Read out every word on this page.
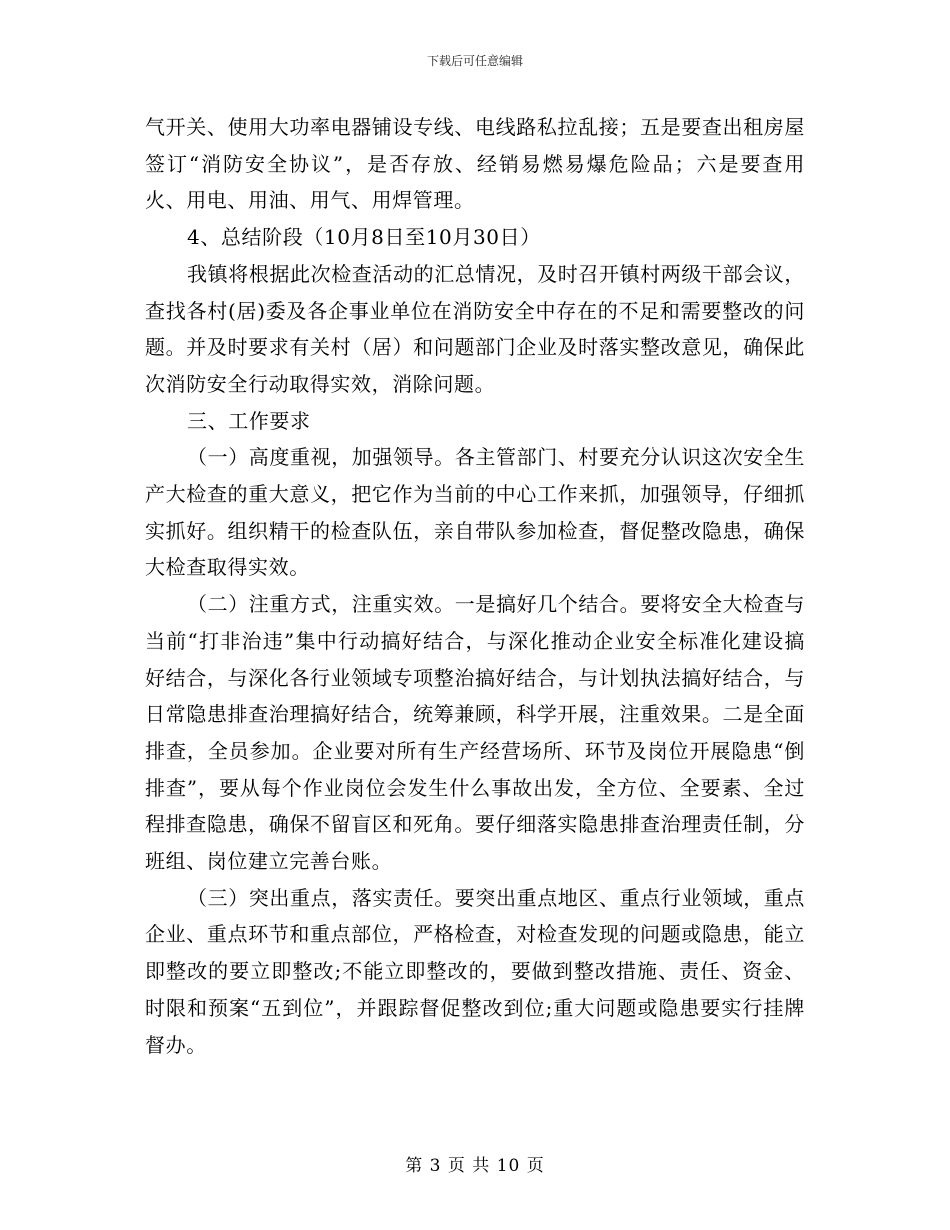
下载后可任意编辑

气开关、使用大功率电器铺设专线、电线路私拉乱接；五是要查出租房屋签订“消防安全协议”，是否存放、经销易燃易爆危险品；六是要查用火、用电、用油、用气、用焊管理。

4、总结阶段（10月8日至10月30日）

我镇将根据此次检查活动的汇总情况，及时召开镇村两级干部会议，查找各村(居)委及各企事业单位在消防安全中存在的不足和需要整改的问题。并及时要求有关村（居）和问题部门企业及时落实整改意见，确保此次消防安全行动取得实效，消除问题。

三、工作要求

（一）高度重视，加强领导。各主管部门、村要充分认识这次安全生产大检查的重大意义，把它作为当前的中心工作来抓，加强领导，仔细抓实抓好。组织精干的检查队伍，亲自带队参加检查，督促整改隐患，确保大检查取得实效。

（二）注重方式，注重实效。一是搞好几个结合。要将安全大检查与当前“打非治违”集中行动搞好结合，与深化推动企业安全标准化建设搞好结合，与深化各行业领域专项整治搞好结合，与计划执法搞好结合，与日常隐患排查治理搞好结合，统筹兼顾，科学开展，注重效果。二是全面排查，全员参加。企业要对所有生产经营场所、环节及岗位开展隐患“倒排查”，要从每个作业岗位会发生什么事故出发，全方位、全要素、全过程排查隐患，确保不留盲区和死角。要仔细落实隐患排查治理责任制，分班组、岗位建立完善台账。

（三）突出重点，落实责任。要突出重点地区、重点行业领域，重点企业、重点环节和重点部位，严格检查，对检查发现的问题或隐患，能立即整改的要立即整改;不能立即整改的，要做到整改措施、责任、资金、时限和预案“五到位”，并跟踪督促整改到位;重大问题或隐患要实行挂牌督办。

第 3 页 共 10 页
